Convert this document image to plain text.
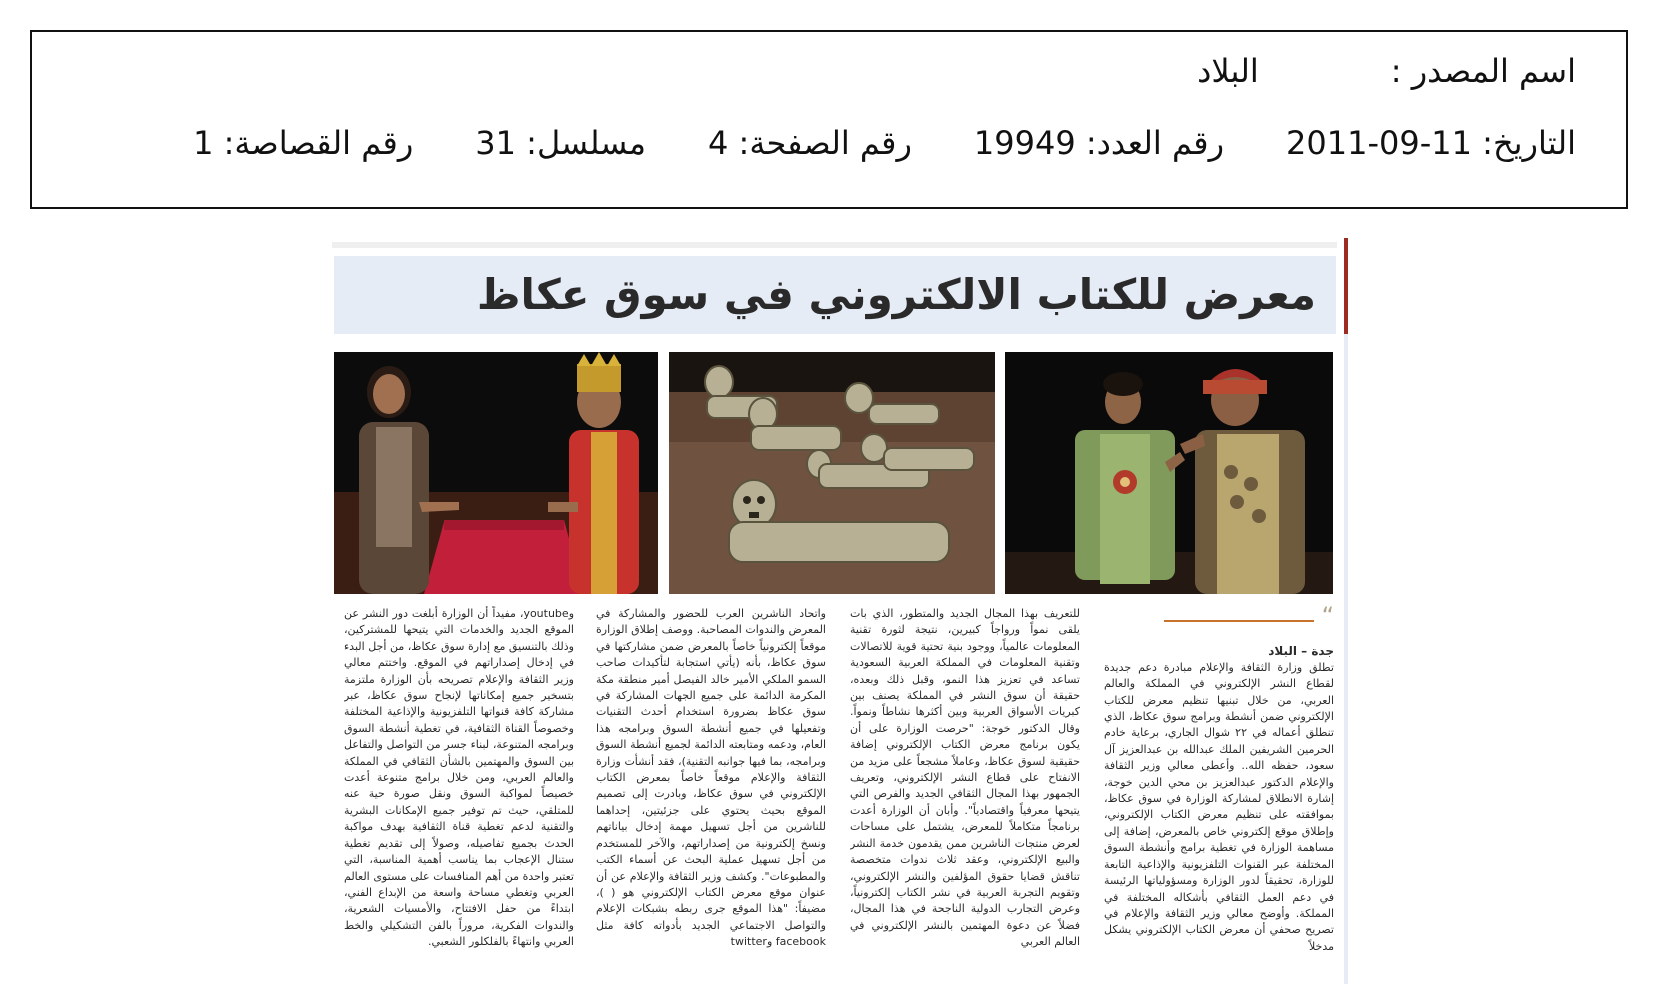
اسم المصدر :
البلاد
التاريخ: 11-09-2011
رقم العدد: 19949
رقم الصفحة: 4
مسلسل: 31
رقم القصاصة: 1
معرض للكتاب الالكتروني في سوق عكاظ
“
جدة – البلاد
تطلق وزارة الثقافة والإعلام مبادرة دعم جديدة لقطاع النشر الإلكتروني في المملكة والعالم العربي، من خلال تبنيها تنظيم معرض للكتاب الإلكتروني ضمن أنشطة وبرامج سوق عكاظ، الذي تنطلق أعماله في ٢٢ شوال الجاري، برعاية خادم الحرمين الشريفين الملك عبدالله بن عبدالعزيز آل سعود، حفظه الله.. وأعطى معالي وزير الثقافة والإعلام الدكتور عبدالعزيز بن محي الدين خوجة، إشارة الانطلاق لمشاركة الوزارة في سوق عكاظ، بموافقته على تنظيم معرض الكتاب الإلكتروني، وإطلاق موقع إلكتروني خاص بالمعرض، إضافة إلى مساهمة الوزارة في تغطية برامج وأنشطة السوق المختلفة عبر القنوات التلفزيونية والإذاعية التابعة للوزارة، تحقيقاً لدور الوزارة ومسؤولياتها الرئيسة في دعم العمل الثقافي بأشكاله المختلفة في المملكة. وأوضح معالي وزير الثقافة والإعلام في تصريح صحفي أن معرض الكتاب الإلكتروني يشكل مدخلاً
للتعريف بهذا المجال الجديد والمتطور، الذي بات يلقى نمواً ورواجاً كبيرين، نتيجة لثورة تقنية المعلومات عالمياً، ووجود بنية تحتية قوية للاتصالات وتقنية المعلومات في المملكة العربية السعودية تساعد في تعزيز هذا النمو، وقبل ذلك وبعده، حقيقة أن سوق النشر في المملكة يصنف بين كبريات الأسواق العربية وبين أكثرها نشاطاً ونمواً. وقال الدكتور خوجة: "حرصت الوزارة على أن يكون برنامج معرض الكتاب الإلكتروني إضافة حقيقية لسوق عكاظ، وعاملاً مشجعاً على مزيد من الانفتاح على قطاع النشر الإلكتروني، وتعريف الجمهور بهذا المجال الثقافي الجديد والفرص التي يتيحها معرفياً واقتصادياً". وأبان أن الوزارة أعدت برنامجاً متكاملاً للمعرض، يشتمل على مساحات لعرض منتجات الناشرين ممن يقدمون خدمة النشر والبيع الإلكتروني، وعقد ثلاث ندوات متخصصة تناقش قضايا حقوق المؤلفين والنشر الإلكتروني، وتقويم التجربة العربية في نشر الكتاب إلكترونياً، وعرض التجارب الدولية الناجحة في هذا المجال، فضلاً عن دعوة المهتمين بالنشر الإلكتروني في العالم العربي
واتحاد الناشرين العرب للحضور والمشاركة في المعرض والندوات المصاحبة. ووصف إطلاق الوزارة موقعاً إلكترونياً خاصاً بالمعرض ضمن مشاركتها في سوق عكاظ، بأنه (يأتي استجابة لتأكيدات صاحب السمو الملكي الأمير خالد الفيصل أمير منطقة مكة المكرمة الدائمة على جميع الجهات المشاركة في سوق عكاظ بضرورة استخدام أحدث التقنيات وتفعيلها في جميع أنشطة السوق وبرامجه هذا العام، ودعمه ومتابعته الدائمة لجميع أنشطة السوق وبرامجه، بما فيها جوانبه التقنية)، فقد أنشأت وزارة الثقافة والإعلام موقعاً خاصاً بمعرض الكتاب الإلكتروني في سوق عكاظ، وبادرت إلى تصميم الموقع بحيث يحتوي على جزئيتين، إحداهما للناشرين من أجل تسهيل مهمة إدخال بياناتهم ونسخ إلكترونية من إصداراتهم، والآخر للمستخدم من أجل تسهيل عملية البحث عن أسماء الكتب والمطبوعات". وكشف وزير الثقافة والإعلام عن أن عنوان موقع معرض الكتاب الإلكتروني هو ( )، مضيفاً: "هذا الموقع جرى ربطه بشبكات الإعلام والتواصل الاجتماعي الجديد بأدواته كافة مثل facebook وtwitter
وyoutube، مفيداً أن الوزارة أبلغت دور النشر عن الموقع الجديد والخدمات التي يتيحها للمشتركين، وذلك بالتنسيق مع إدارة سوق عكاظ، من أجل البدء في إدخال إصداراتهم في الموقع. واختتم معالي وزير الثقافة والإعلام تصريحه بأن الوزارة ملتزمة بتسخير جميع إمكاناتها لإنجاح سوق عكاظ، عبر مشاركة كافة قنواتها التلفزيونية والإذاعية المختلفة وخصوصاً القناة الثقافية، في تغطية أنشطة السوق وبرامجه المتنوعة، لبناء جسر من التواصل والتفاعل بين السوق والمهتمين بالشأن الثقافي في المملكة والعالم العربي، ومن خلال برامج متنوعة أعدت خصيصاً لمواكبة السوق ونقل صورة حية عنه للمتلقي، حيث تم توفير جميع الإمكانات البشرية والتقنية لدعم تغطية قناة الثقافية بهدف مواكبة الحدث بجميع تفاصيله، وصولاً إلى تقديم تغطية ستنال الإعجاب بما يناسب أهمية المناسبة، التي تعتبر واحدة من أهم المنافسات على مستوى العالم العربي وتغطي مساحة واسعة من الإبداع الفني، ابتداءً من حفل الافتتاح، والأمسيات الشعرية، والندوات الفكرية، مروراً بالفن التشكيلي والخط العربي وانتهاءً بالفلكلور الشعبي.
